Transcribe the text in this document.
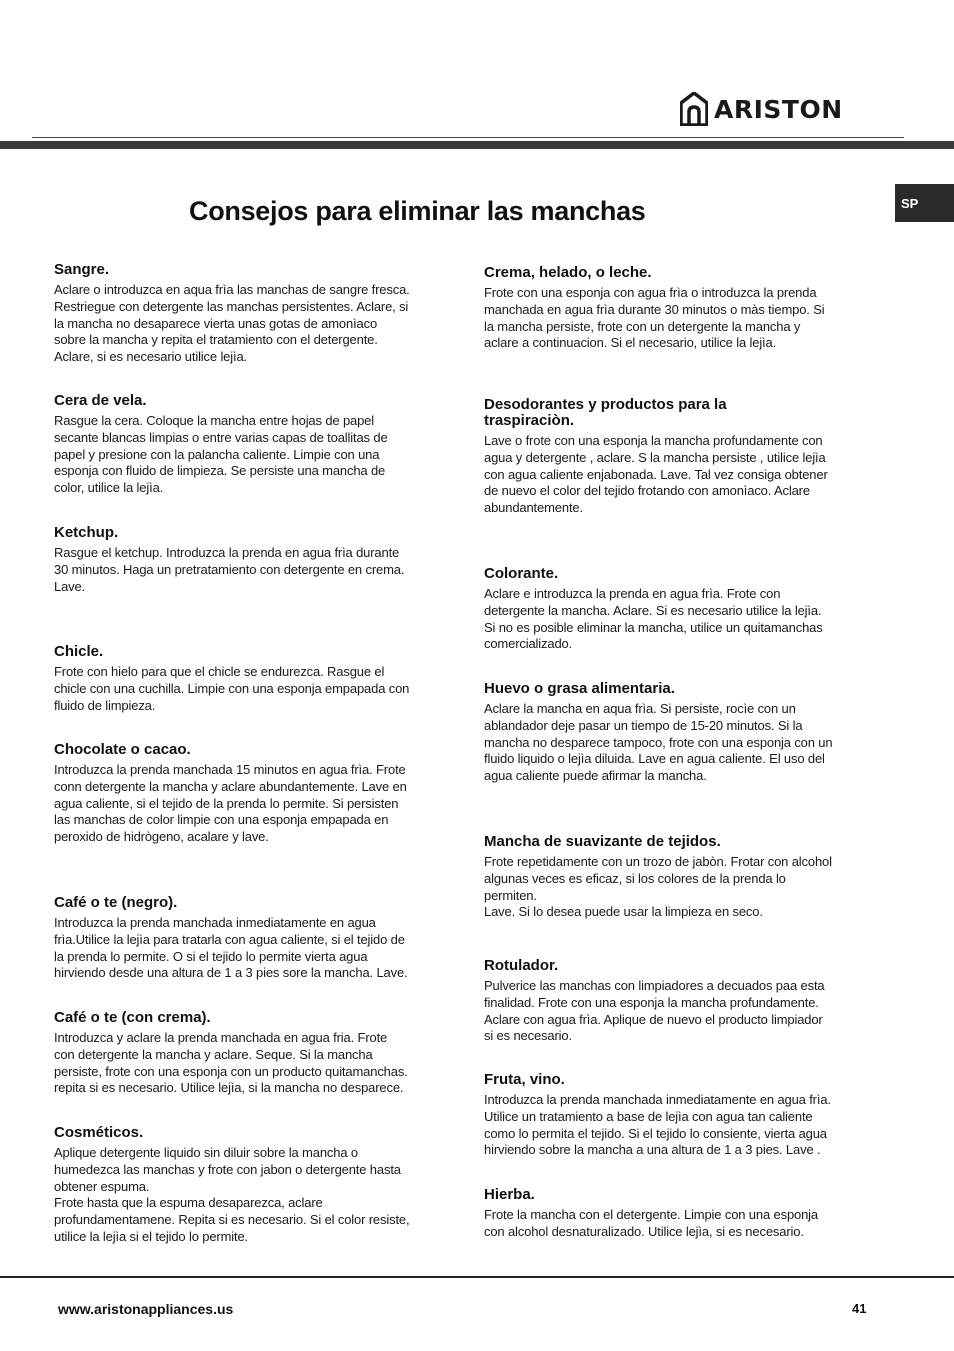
ARISTON
SP
Consejos para eliminar las manchas
Sangre.

Aclare o introduzca en aqua frìa las manchas de sangre fresca.
Restriegue con detergente las manchas persistentes. Aclare, si
la mancha no desaparece vierta unas gotas de amonìaco
sobre la mancha y repita el tratamiento con el detergente.
Aclare, si es necesario utilice lejìa.

Cera de vela.

Rasgue la cera. Coloque la mancha entre hojas de papel
secante blancas limpias o entre varias capas de toallitas de
papel y presione con la palancha caliente. Limpie con una
esponja con fluido de limpieza. Se persiste una mancha de
color, utilice la lejìa.

Ketchup.

Rasgue el ketchup. Introduzca la prenda en agua frìa durante
30 minutos. Haga un pretratamiento con detergente en crema.
Lave.

Chicle.

Frote con hielo para que el chicle se endurezca. Rasgue el
chicle con una cuchilla. Limpie con una esponja empapada con
fluido de limpieza.

Chocolate o cacao.

Introduzca la prenda manchada 15 minutos en agua frìa. Frote
conn detergente la mancha y aclare abundantemente. Lave en
agua caliente, si el tejido de la prenda lo permite. Si persisten
las manchas de color limpie con una esponja empapada en
peroxido de hidrògeno, acalare y lave.

Café o te (negro).

Introduzca la prenda manchada inmediatamente en agua
frìa.Utilice la lejìa para tratarla con agua caliente, si el tejido de
la prenda lo permite. O si el tejido lo permite vierta agua
hirviendo desde una altura de 1 a 3 pies sore la mancha. Lave.

Café o te (con crema).

Introduzca y aclare la prenda manchada en agua fria. Frote
con detergente la mancha y aclare. Seque. Si la mancha
persiste, frote con una esponja con un producto quitamanchas.
repita si es necesario. Utilice lejìa, si la mancha no desparece.

Cosméticos.

Aplique detergente liquido sin diluir sobre la mancha o
humedezca las manchas y frote con jabon o detergente hasta
obtener espuma.
Frote hasta que la espuma desaparezca, aclare
profundamentamene. Repita si es necesario. Si el color resiste,
utilice la lejìa si el tejido lo permite.

Crema, helado, o leche.

Frote con una esponja con agua frìa o introduzca la prenda
manchada en agua frìa durante 30 minutos o màs tiempo. Si
la mancha persiste, frote con un detergente la mancha y
aclare a continuacion. Si el necesario, utilice la lejìa.

Desodorantes y productos para la
traspiraciòn.

Lave o frote con una esponja la mancha profundamente con
agua y detergente , aclare. S la mancha persiste , utilice lejìa
con agua caliente enjabonada. Lave. Tal vez consiga obtener
de nuevo el color del tejido frotando con amonìaco. Aclare
abundantemente.

Colorante.

Aclare e introduzca la prenda en agua frìa. Frote con
detergente la mancha. Aclare. Si es necesario utilice la lejìa.
Si no es posible eliminar la mancha, utilice un quitamanchas
comercializado.

Huevo o grasa alimentaria.

Aclare la mancha en aqua frìa. Si persiste, rocìe con un
ablandador deje pasar un tiempo de 15-20 minutos. Si la
mancha no desparece tampoco, frote con una esponja con un
fluido liquido o lejìa diluida. Lave en agua caliente. El uso del
agua caliente puede afirmar la mancha.

Mancha de suavizante de tejidos.

Frote repetidamente con un trozo de jabòn. Frotar con alcohol
algunas veces es eficaz, si los colores de la prenda lo
permiten.
Lave. Si lo desea puede usar la limpieza en seco.

Rotulador.

Pulverice las manchas con limpiadores a decuados paa esta
finalidad. Frote con una esponja la mancha profundamente.
Aclare con agua frìa. Aplique de nuevo el producto limpiador
si es necesario.

Fruta, vino.

Introduzca la prenda manchada inmediatamente en agua frìa.
Utilice un tratamiento a base de lejìa con agua tan caliente
como lo permita el tejido. Si el tejido lo consiente, vierta agua
hirviendo sobre la mancha a una altura de 1 a 3 pies. Lave .

Hierba.

Frote la mancha con el detergente. Limpie con una esponja
con alcohol desnaturalizado. Utilice lejìa, si es necesario.

www.aristonappliances.us	41
